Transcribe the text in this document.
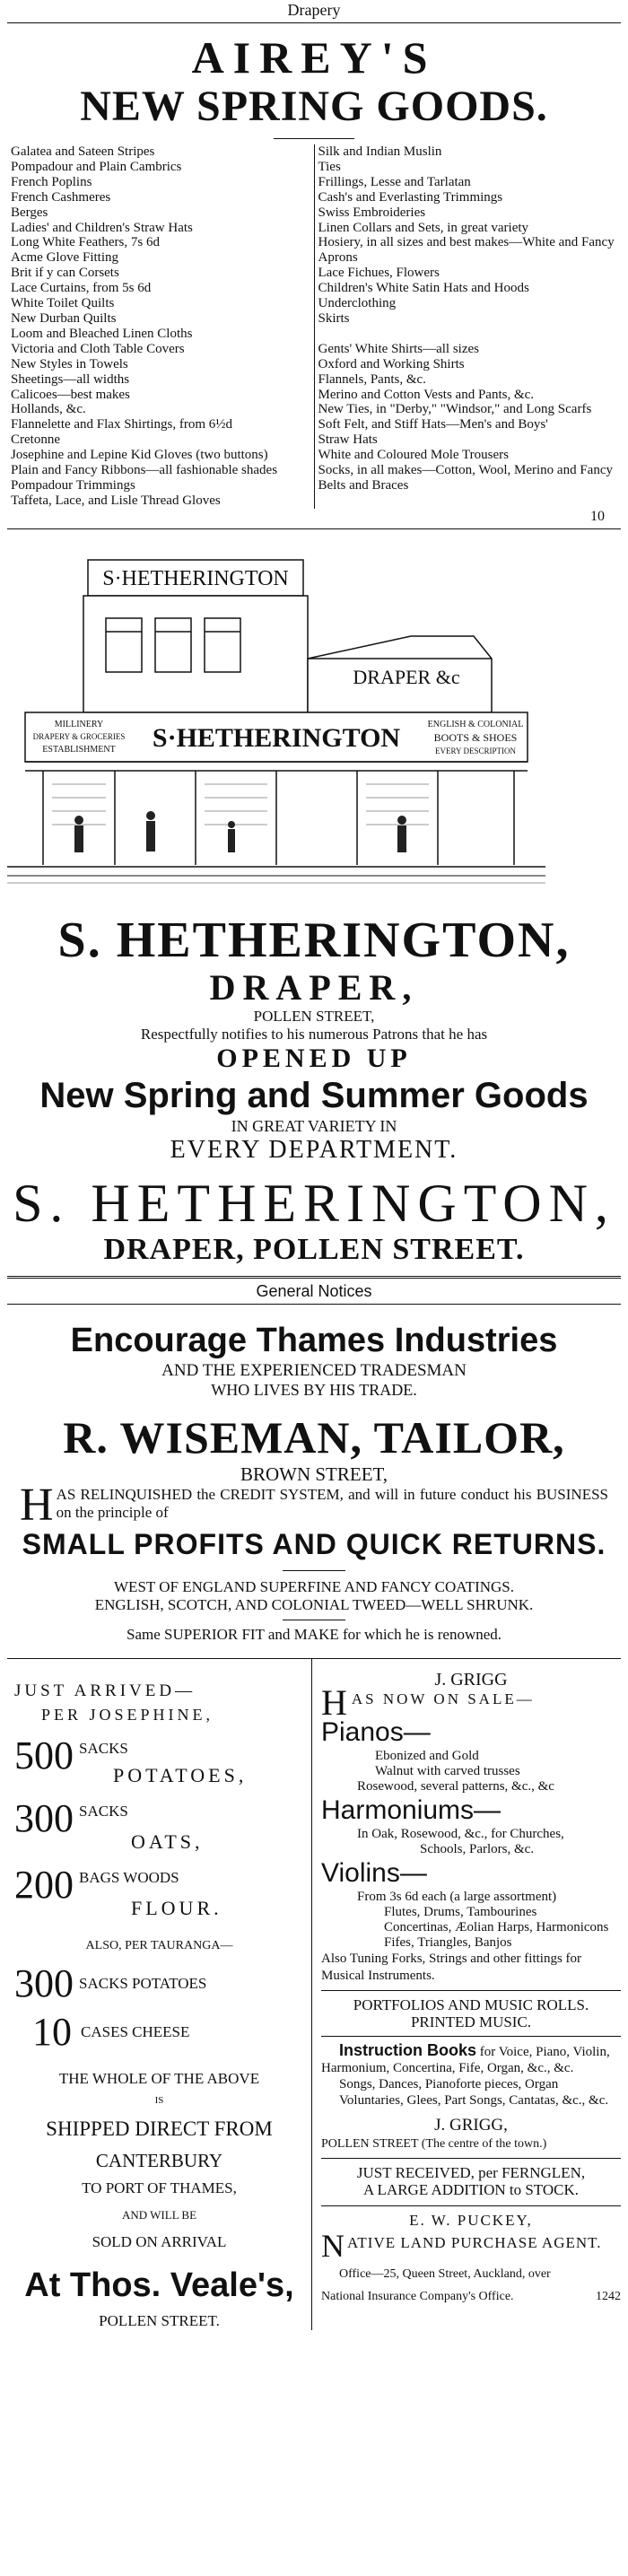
Drapery
AIREY'S
NEW SPRING GOODS.
Galatea and Sateen Stripes
Pompadour and Plain Cambrics
French Poplins
French Cashmeres
Berges
Ladies' and Children's Straw Hats
Long White Feathers, 7s 6d
Acme Glove Fitting
Brit if y can Corsets
Lace Curtains, from 5s 6d
White Toilet Quilts
New Durban Quilts
Loom and Bleached Linen Cloths
Victoria and Cloth Table Covers
New Styles in Towels
Sheetings—all widths
Calicoes—best makes
Hollands, &c.
Flannelette and Flax Shirtings, from 6½d
Cretonne
Josephine and Lepine Kid Gloves (two buttons)
Plain and Fancy Ribbons—all fashionable shades
Pompadour Trimmings
Taffeta, Lace, and Lisle Thread Gloves
Silk and Indian Muslin
Ties
Frillings, Lesse and Tarlatan
Cash's and Everlasting Trimmings
Swiss Embroideries
Linen Collars and Sets, in great variety
Hosiery, in all sizes and best makes—White and Fancy
Aprons
Lace Fichues, Flowers
Children's White Satin Hats and Hoods
Underclothing
Skirts

Gents' White Shirts—all sizes
Oxford and Working Shirts
Flannels, Pants, &c.
Merino and Cotton Vests and Pants, &c.
New Ties, in "Derby," "Windsor," and Long Scarfs
Soft Felt, and Stiff Hats—Men's and Boys'
Straw Hats
White and Coloured Mole Trousers
Socks, in all makes—Cotton, Wool, Merino and Fancy
Belts and Braces
10
S·HETHERINGTON
DRAPER &c
S·HETHERINGTON
MILLINERY
DRAPERY & GROCERIES
ESTABLISHMENT
ENGLISH & COLONIAL
BOOTS & SHOES
EVERY DESCRIPTION
S. HETHERINGTON,
DRAPER,
POLLEN STREET,
Respectfully notifies to his numerous Patrons that he has
OPENED UP
New Spring and Summer Goods
IN GREAT VARIETY IN
EVERY DEPARTMENT.
S. HETHERINGTON,
DRAPER, POLLEN STREET.
General Notices
Encourage Thames Industries
AND THE EXPERIENCED TRADESMAN
WHO LIVES BY HIS TRADE.
R. WISEMAN, TAILOR,
BROWN STREET,
HAS RELINQUISHED the CREDIT SYSTEM, and will in future conduct his BUSINESS on the principle of
SMALL PROFITS AND QUICK RETURNS.
WEST OF ENGLAND SUPERFINE AND FANCY COATINGS.
ENGLISH, SCOTCH, AND COLONIAL TWEED—WELL SHRUNK.
Same SUPERIOR FIT and MAKE for which he is renowned.
JUST ARRIVED—
PER JOSEPHINE,
500 SACKS
POTATOES,
300 SACKS
OATS,
200 BAGS WOODS
FLOUR.
ALSO, PER TAURANGA—
300 SACKS POTATOES
10 CASES CHEESE
THE WHOLE OF THE ABOVE
IS
SHIPPED DIRECT FROM
CANTERBURY
TO PORT OF THAMES,
AND WILL BE
SOLD ON ARRIVAL
At Thos. Veale's,
POLLEN STREET.
J. GRIGG
H AS NOW ON SALE—
Pianos—
Ebonized and Gold
Walnut with carved trusses
Rosewood, several patterns, &c., &c
Harmoniums—
In Oak, Rosewood, &c., for Churches,
Schools, Parlors, &c.
Violins—
From 3s 6d each (a large assortment)
Flutes, Drums, Tambourines
Concertinas, Æolian Harps, Harmonicons
Fifes, Triangles, Banjos
Also Tuning Forks, Strings and other fittings for Musical Instruments.
PORTFOLIOS AND MUSIC ROLLS.
PRINTED MUSIC.
Instruction Books for Voice, Piano, Violin, Harmonium, Concertina, Fife, Organ, &c., &c.
Songs, Dances, Pianoforte pieces, Organ Voluntaries, Glees, Part Songs, Cantatas, &c., &c.
J. GRIGG,
POLLEN STREET (The centre of the town.)
JUST RECEIVED, per FERNGLEN,
A LARGE ADDITION to STOCK.
E. W. PUCKEY,
N ATIVE LAND PURCHASE AGENT.
Office—25, Queen Street, Auckland, over
National Insurance Company's Office.	1242
